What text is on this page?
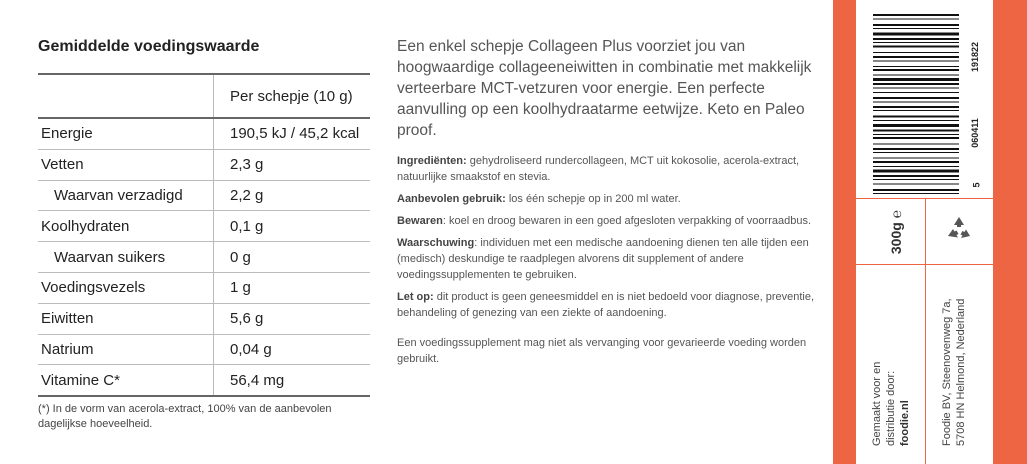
Gemiddelde voedingswaarde
	Per schepje (10 g)
Energie	190,5 kJ / 45,2 kcal
Vetten	2,3 g
Waarvan verzadigd	2,2 g
Koolhydraten	0,1 g
Waarvan suikers	0 g
Voedingsvezels	1 g
Eiwitten	5,6 g
Natrium	0,04 g
Vitamine C*	56,4 mg
(*) In de vorm van acerola-extract, 100% van de aanbevolen dagelijkse hoeveelheid.

Een enkel schepje Collageen Plus voorziet jou van hoogwaardige collageeneiwitten in combinatie met makkelijk verteerbare MCT-vetzuren voor energie. Een perfecte aanvulling op een koolhydraatarme eetwijze. Keto en Paleo proof.

Ingrediënten: gehydroliseerd rundercollageen, MCT uit kokosolie, acerola-extract, natuurlijke smaakstof en stevia.

Aanbevolen gebruik: los één schepje op in 200 ml water.

Bewaren: koel en droog bewaren in een goed afgesloten verpakking of voorraadbus.

Waarschuwing: individuen met een medische aandoening dienen ten alle tijden een (medisch) deskundige te raadplegen alvorens dit supplement of andere voedingssupplementen te gebruiken.

Let op: dit product is geen geneesmiddel en is niet bedoeld voor diagnose, preventie, behandeling of genezing van een ziekte of aandoening.

Een voedingssupplement mag niet als vervanging voor gevarieerde voeding worden gebruikt.

191822
060411
5
300g ℮
Gemaakt voor en distributie door: foodie.nl	Foodie BV, Steenovenweg 7a, 5708 HN Helmond, Nederland
